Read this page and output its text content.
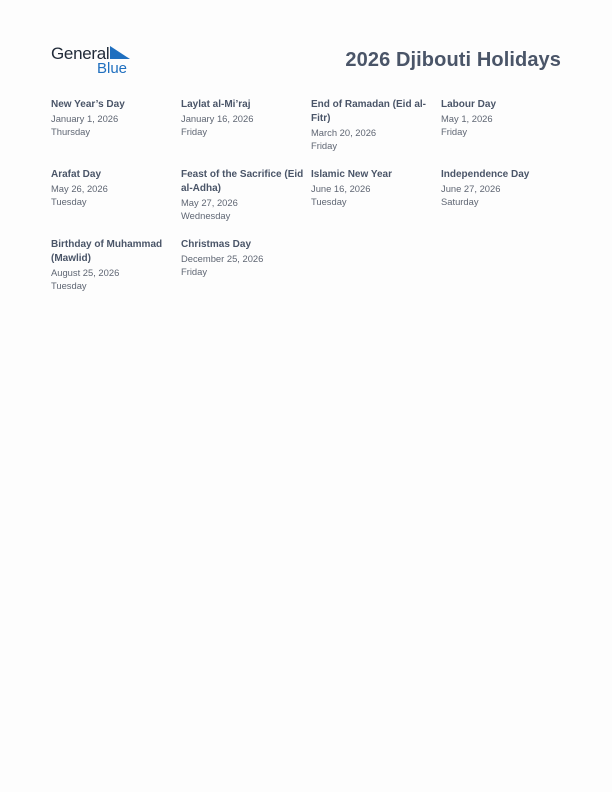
General
Blue	2026 Djibouti Holidays
New Year’s Day
January 1, 2026
Thursday
Laylat al-Mi’raj
January 16, 2026
Friday
End of Ramadan (Eid al-Fitr)
March 20, 2026
Friday
Labour Day
May 1, 2026
Friday
Arafat Day
May 26, 2026
Tuesday
Feast of the Sacrifice (Eid al-Adha)
May 27, 2026
Wednesday
Islamic New Year
June 16, 2026
Tuesday
Independence Day
June 27, 2026
Saturday
Birthday of Muhammad (Mawlid)
August 25, 2026
Tuesday
Christmas Day
December 25, 2026
Friday
